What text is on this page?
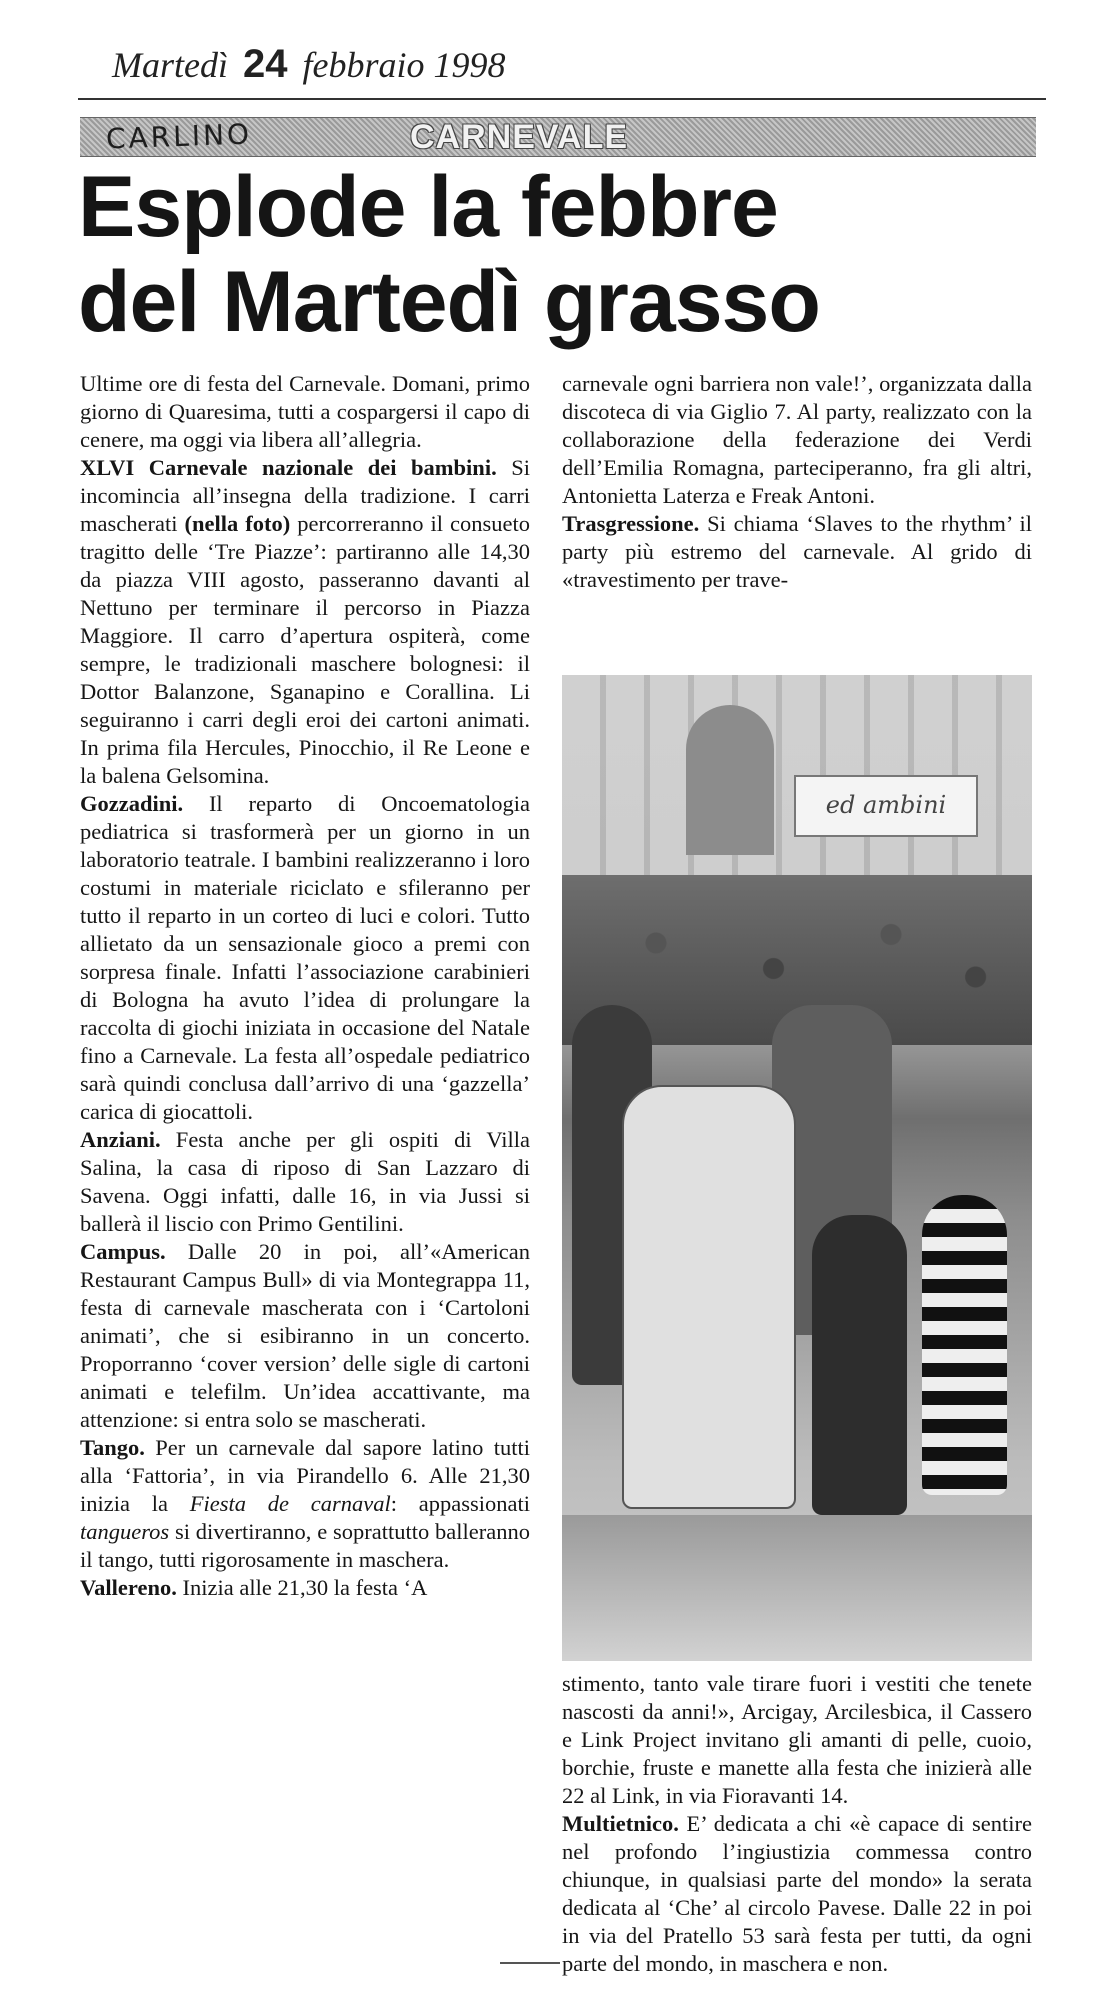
Martedì 24 febbraio 1998
CARLINO	CARNEVALE
Esplode la febbre
del Martedì grasso

Ultime ore di festa del Carnevale. Domani, primo giorno di Quaresima, tutti a cospargersi il capo di cenere, ma oggi via libera all’allegria.

XLVI Carnevale nazionale dei bambini. Si incomincia all’insegna della tradizione. I carri mascherati (nella foto) percorreranno il consueto tragitto delle ‘Tre Piazze’: partiranno alle 14,30 da piazza VIII agosto, passeranno davanti al Nettuno per terminare il percorso in Piazza Maggiore. Il carro d’apertura ospiterà, come sempre, le tradizionali maschere bolognesi: il Dottor Balanzone, Sganapino e Corallina. Li seguiranno i carri degli eroi dei cartoni animati. In prima fila Hercules, Pinocchio, il Re Leone e la balena Gelsomina.

Gozzadini. Il reparto di Oncoematologia pediatrica si trasformerà per un giorno in un laboratorio teatrale. I bambini realizzeranno i loro costumi in materiale riciclato e sfileranno per tutto il reparto in un corteo di luci e colori. Tutto allietato da un sensazionale gioco a premi con sorpresa finale. Infatti l’associazione carabinieri di Bologna ha avuto l’idea di prolungare la raccolta di giochi iniziata in occasione del Natale fino a Carnevale. La festa all’ospedale pediatrico sarà quindi conclusa dall’arrivo di una ‘gazzella’ carica di giocattoli.

Anziani. Festa anche per gli ospiti di Villa Salina, la casa di riposo di San Lazzaro di Savena. Oggi infatti, dalle 16, in via Jussi si ballerà il liscio con Primo Gentilini.

Campus. Dalle 20 in poi, all’«American Restaurant Campus Bull» di via Montegrappa 11, festa di carnevale mascherata con i ‘Cartoloni animati’, che si esibiranno in un concerto. Proporranno ‘cover version’ delle sigle di cartoni animati e telefilm. Un’idea accattivante, ma attenzione: si entra solo se mascherati.

Tango. Per un carnevale dal sapore latino tutti alla ‘Fattoria’, in via Pirandello 6. Alle 21,30 inizia la Fiesta de carnaval: appassionati tangueros si divertiranno, e soprattutto balleranno il tango, tutti rigorosamente in maschera.

Vallereno. Inizia alle 21,30 la festa ‘A

carnevale ogni barriera non vale!’, organizzata dalla discoteca di via Giglio 7. Al party, realizzato con la collaborazione della federazione dei Verdi dell’Emilia Romagna, parteciperanno, fra gli altri, Antonietta Laterza e Freak Antoni.

Trasgressione. Si chiama ‘Slaves to the rhythm’ il party più estremo del carnevale. Al grido di «travestimento per trave-

ed ambini

stimento, tanto vale tirare fuori i vestiti che tenete nascosti da anni!», Arcigay, Arcilesbica, il Cassero e Link Project invitano gli amanti di pelle, cuoio, borchie, fruste e manette alla festa che inizierà alle 22 al Link, in via Fioravanti 14.

Multietnico. E’ dedicata a chi «è capace di sentire nel profondo l’ingiustizia commessa contro chiunque, in qualsiasi parte del mondo» la serata dedicata al ‘Che’ al circolo Pavese. Dalle 22 in poi in via del Pratello 53 sarà festa per tutti, da ogni parte del mondo, in maschera e non.
